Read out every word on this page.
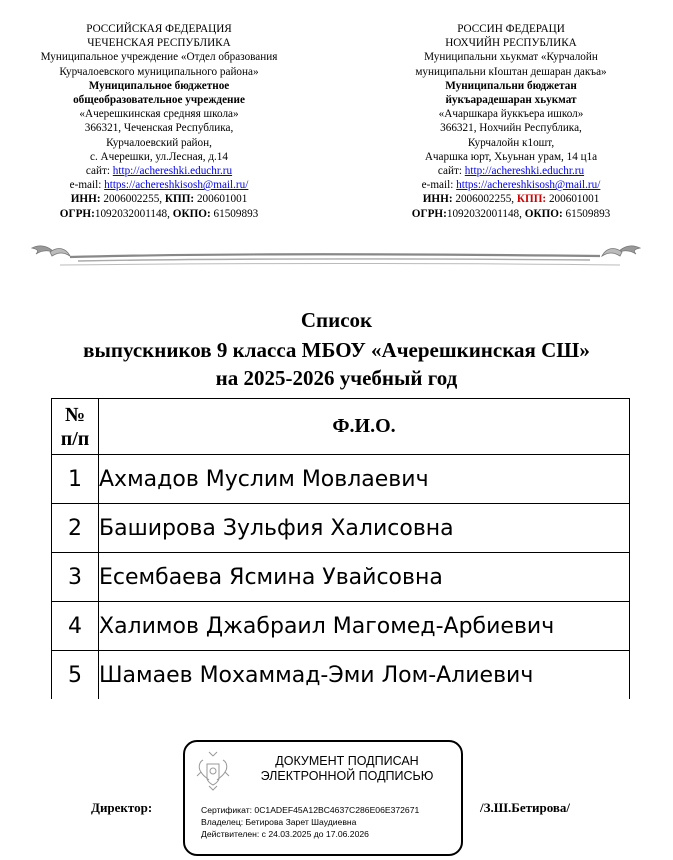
РОССИЙСКАЯ ФЕДЕРАЦИЯ
ЧЕЧЕНСКАЯ РЕСПУБЛИКА
Муниципальное учреждение «Отдел образования
Курчалоевского муниципального района»
Муниципальное бюджетное
общеобразовательное учреждение
«Ачерешкинская средняя школа»
366321, Чеченская Республика,
Курчалоевский район,
с. Ачерешки, ул.Лесная, д.14
сайт: http://achereshki.educhr.ru
e-mail: https://achereshkisosh@mail.ru/
ИНН: 2006002255, КПП: 200601001
ОГРН:1092032001148, ОКПО: 61509893
РОССИН ФЕДЕРАЦИ
НОХЧИЙН РЕСПУБЛИКА
Муниципальни хьукмат «Курчалойн
муниципальни кІоштан дешаран дакъа»
Муниципальни бюджетан
йукъарадешаран хьукмат
«Ачаршкара йуккъера ишкол»
366321, Нохчийн Республика,
Курчалойн к1ошт,
Ачаршка юрт, Хьуьнан урам, 14 ц1а
сайт: http://achereshki.educhr.ru
e-mail: https://achereshkisosh@mail.ru/
ИНН: 2006002255, КПП: 200601001
ОГРН:1092032001148, ОКПО: 61509893
Список
выпускников 9 класса МБОУ «Ачерешкинская СШ»
на 2025-2026 учебный год
№
п/п	Ф.И.О.
1	Ахмадов Муслим Мовлаевич
2	Баширова Зульфия Халисовна
3	Есембаева Ясмина Увайсовна
4	Халимов Джабраил Магомед-Арбиевич
5	Шамаев Мохаммад-Эми Лом-Алиевич
Директор:
ДОКУМЕНТ ПОДПИСАН
ЭЛЕКТРОННОЙ ПОДПИСЬЮ
Сертификат: 0C1ADEF45A12BC4637C286E06E372671
Владелец: Бетирова Зарет Шаудиевна
Действителен: с 24.03.2025 до 17.06.2026
/З.Ш.Бетирова/
